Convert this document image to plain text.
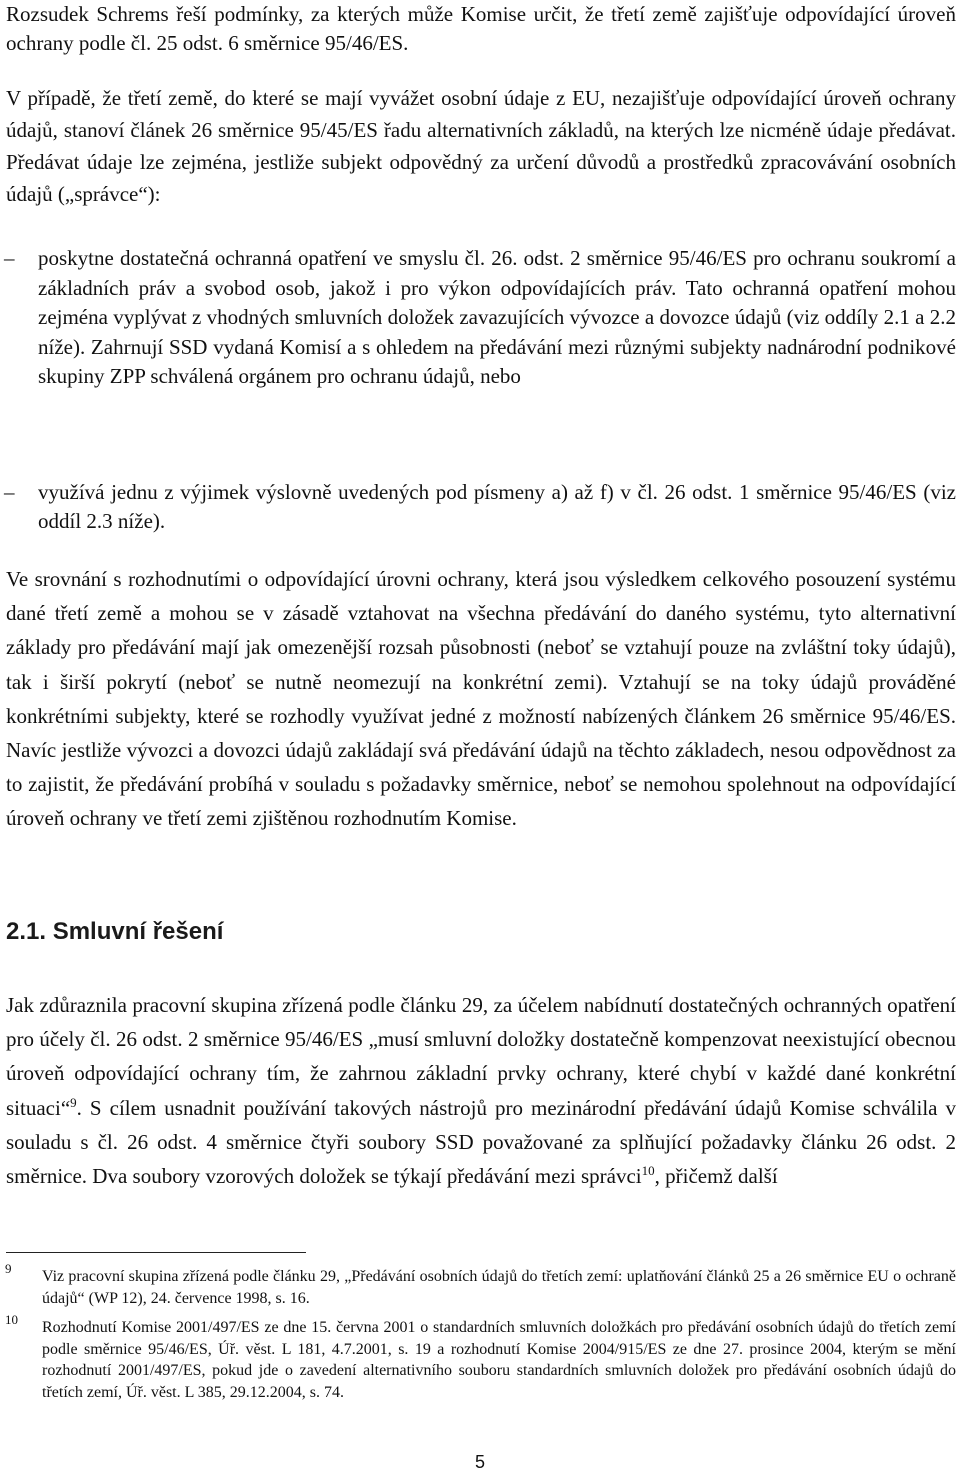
Rozsudek Schrems řeší podmínky, za kterých může Komise určit, že třetí země zajišťuje odpovídající úroveň ochrany podle čl. 25 odst. 6 směrnice 95/46/ES.

V případě, že třetí země, do které se mají vyvážet osobní údaje z EU, nezajišťuje odpovídající úroveň ochrany údajů, stanoví článek 26 směrnice 95/45/ES řadu alternativních základů, na kterých lze nicméně údaje předávat. Předávat údaje lze zejména, jestliže subjekt odpovědný za určení důvodů a prostředků zpracovávání osobních údajů („správce“):

– poskytne dostatečná ochranná opatření ve smyslu čl. 26. odst. 2 směrnice 95/46/ES pro ochranu soukromí a základních práv a svobod osob, jakož i pro výkon odpovídajících práv. Tato ochranná opatření mohou zejména vyplývat z vhodných smluvních doložek zavazujících vývozce a dovozce údajů (viz oddíly 2.1 a 2.2 níže). Zahrnují SSD vydaná Komisí a s ohledem na předávání mezi různými subjekty nadnárodní podnikové skupiny ZPP schválená orgánem pro ochranu údajů, nebo

– využívá jednu z výjimek výslovně uvedených pod písmeny a) až f) v čl. 26 odst. 1 směrnice 95/46/ES (viz oddíl 2.3 níže).

Ve srovnání s rozhodnutími o odpovídající úrovni ochrany, která jsou výsledkem celkového posouzení systému dané třetí země a mohou se v zásadě vztahovat na všechna předávání do daného systému, tyto alternativní základy pro předávání mají jak omezenější rozsah působnosti (neboť se vztahují pouze na zvláštní toky údajů), tak i širší pokrytí (neboť se nutně neomezují na konkrétní zemi). Vztahují se na toky údajů prováděné konkrétními subjekty, které se rozhodly využívat jedné z možností nabízených článkem 26 směrnice 95/46/ES. Navíc jestliže vývozci a dovozci údajů zakládají svá předávání údajů na těchto základech, nesou odpovědnost za to zajistit, že předávání probíhá v souladu s požadavky směrnice, neboť se nemohou spolehnout na odpovídající úroveň ochrany ve třetí zemi zjištěnou rozhodnutím Komise.

2.1. Smluvní řešení

Jak zdůraznila pracovní skupina zřízená podle článku 29, za účelem nabídnutí dostatečných ochranných opatření pro účely čl. 26 odst. 2 směrnice 95/46/ES „musí smluvní doložky dostatečně kompenzovat neexistující obecnou úroveň odpovídající ochrany tím, že zahrnou základní prvky ochrany, které chybí v každé dané konkrétní situaci“$^9$. S cílem usnadnit používání takových nástrojů pro mezinárodní předávání údajů Komise schválila v souladu s čl. 26 odst. 4 směrnice čtyři soubory SSD považované za splňující požadavky článku 26 odst. 2 směrnice. Dva soubory vzorových doložek se týkají předávání mezi správci$^{10}$, přičemž další

9 Viz pracovní skupina zřízená podle článku 29, „Předávání osobních údajů do třetích zemí: uplatňování článků 25 a 26 směrnice EU o ochraně údajů“ (WP 12), 24. července 1998, s. 16.

10 Rozhodnutí Komise 2001/497/ES ze dne 15. června 2001 o standardních smluvních doložkách pro předávání osobních údajů do třetích zemí podle směrnice 95/46/ES, Úř. věst. L 181, 4.7.2001, s. 19 a rozhodnutí Komise 2004/915/ES ze dne 27. prosince 2004, kterým se mění rozhodnutí 2001/497/ES, pokud jde o zavedení alternativního souboru standardních smluvních doložek pro předávání osobních údajů do třetích zemí, Úř. věst. L 385, 29.12.2004, s. 74.

5
